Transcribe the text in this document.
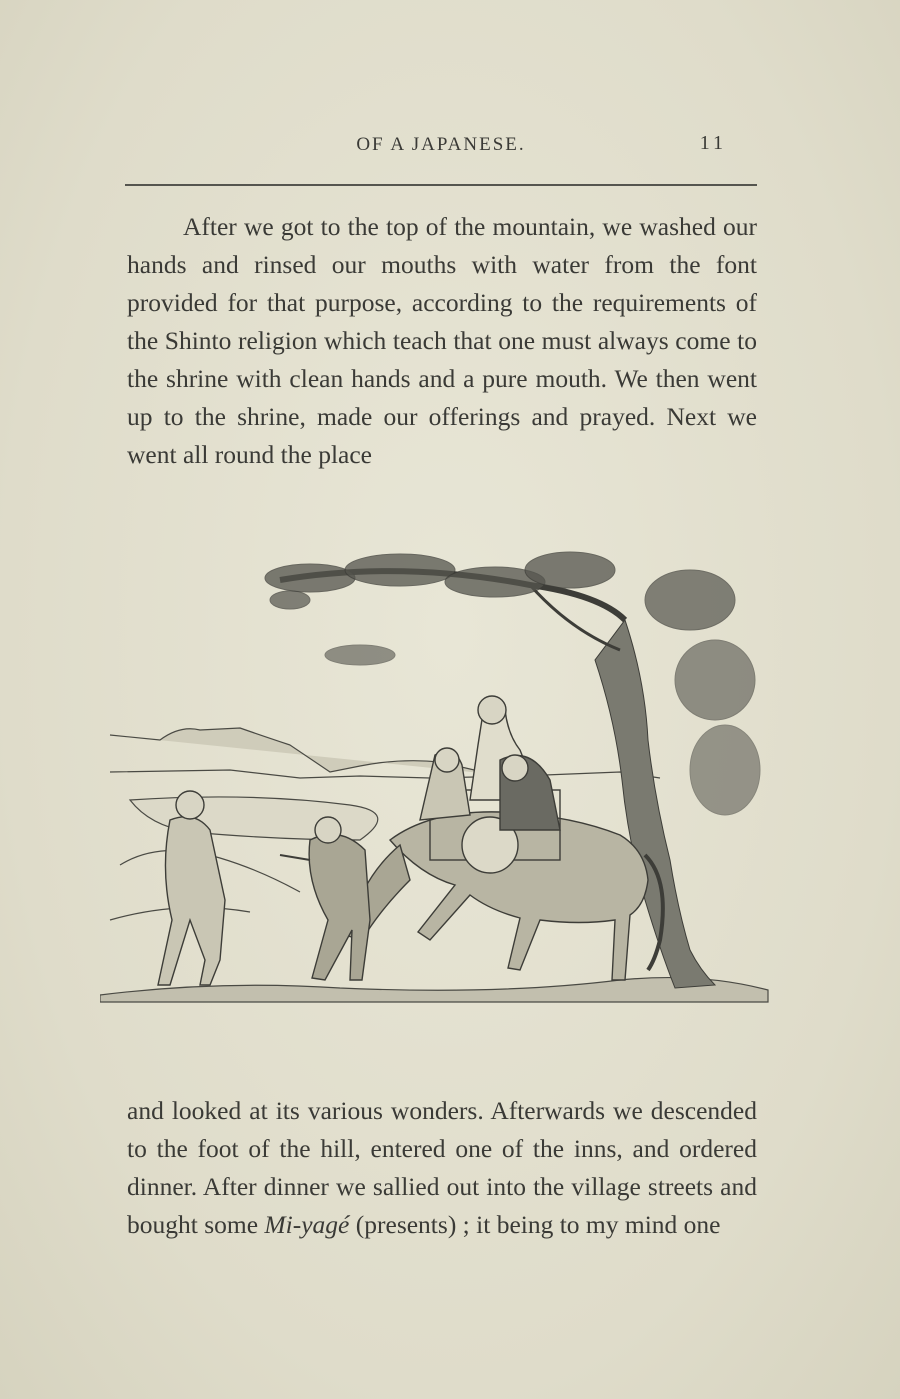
OF A JAPANESE.	11

After we got to the top of the mountain, we washed our hands and rinsed our mouths with water from the font provided for that purpose, according to the requirements of the Shinto religion which teach that one must always come to the shrine with clean hands and a pure mouth. We then went up to the shrine, made our offerings and prayed. Next we went all round the place

and looked at its various wonders. Afterwards we descended to the foot of the hill, entered one of the inns, and ordered dinner. After dinner we sallied out into the village streets and bought some Mi-yagé (presents) ; it being to my mind one
